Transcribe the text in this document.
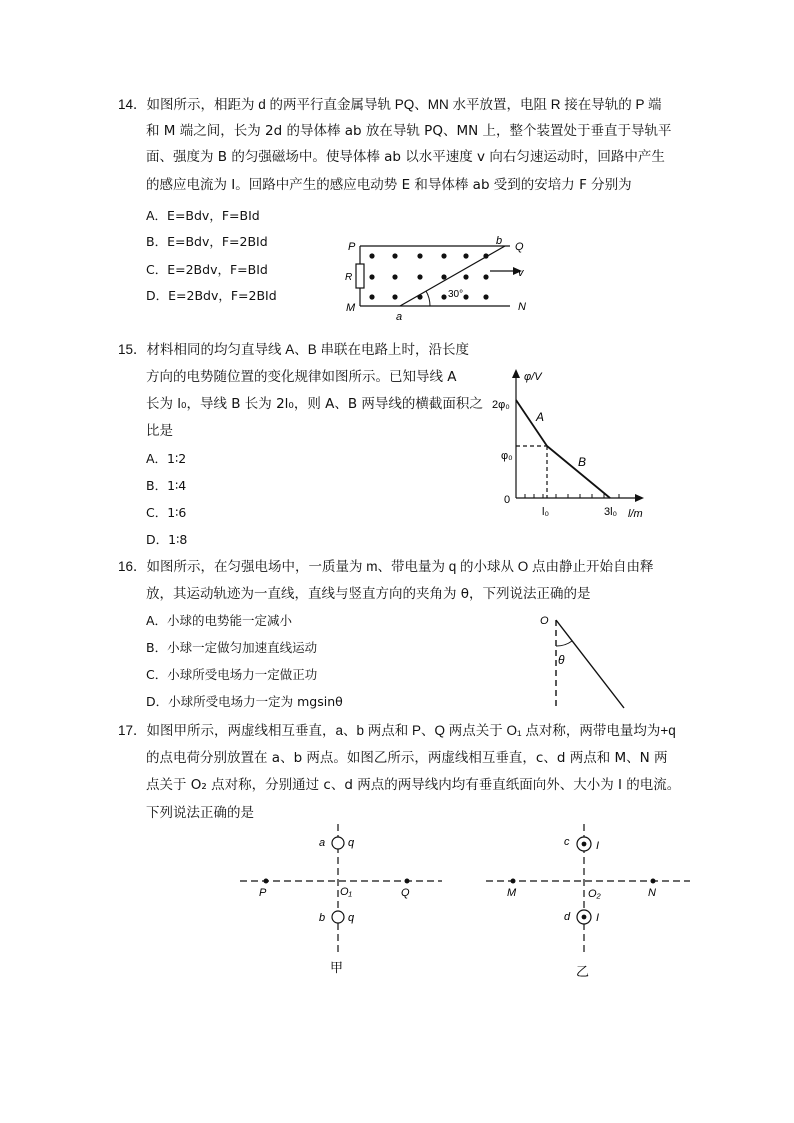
14．如图所示，相距为 d 的两平行直金属导轨 PQ、MN 水平放置，电阻 R 接在导轨的 P 端
和 M 端之间，长为 2d 的导体棒 ab 放在导轨 PQ、MN 上，整个装置处于垂直于导轨平
面、强度为 B 的匀强磁场中。使导体棒 ab 以水平速度 v 向右匀速运动时，回路中产生
的感应电流为 I。回路中产生的感应电动势 E 和导体棒 ab 受到的安培力 F 分别为
A．E=Bdv，F=BId
B．E=Bdv，F=2BId
C．E=2Bdv，F=BId
D．E=2Bdv，F=2BId
P	Q
M	N
a
b
R	v
30°
15．材料相同的均匀直导线 A、B 串联在电路上时，沿长度
方向的电势随位置的变化规律如图所示。已知导线 A
长为 l₀，导线 B 长为 2l₀，则 A、B 两导线的横截面积之
比是
A．1∶2
B．1∶4
C．1∶6
D．1∶8
φ/V
l/m
2φ₀
φ₀
0
l₀	3l₀
A
B
16．如图所示，在匀强电场中，一质量为 m、带电量为 q 的小球从 O 点由静止开始自由释
放，其运动轨迹为一直线，直线与竖直方向的夹角为 θ，下列说法正确的是
A．小球的电势能一定减小
B．小球一定做匀加速直线运动
C．小球所受电场力一定做正功
D．小球所受电场力一定为 mgsinθ
O
θ
17．如图甲所示，两虚线相互垂直，a、b 两点和 P、Q 两点关于 O₁ 点对称，两带电量均为+q
的点电荷分别放置在 a、b 两点。如图乙所示，两虚线相互垂直，c、d 两点和 M、N 两
点关于 O₂ 点对称，分别通过 c、d 两点的两导线内均有垂直纸面向外、大小为 I 的电流。
下列说法正确的是
a q
b q
P	Q
O₁
甲
c I
d I
M	N
O₂
乙
